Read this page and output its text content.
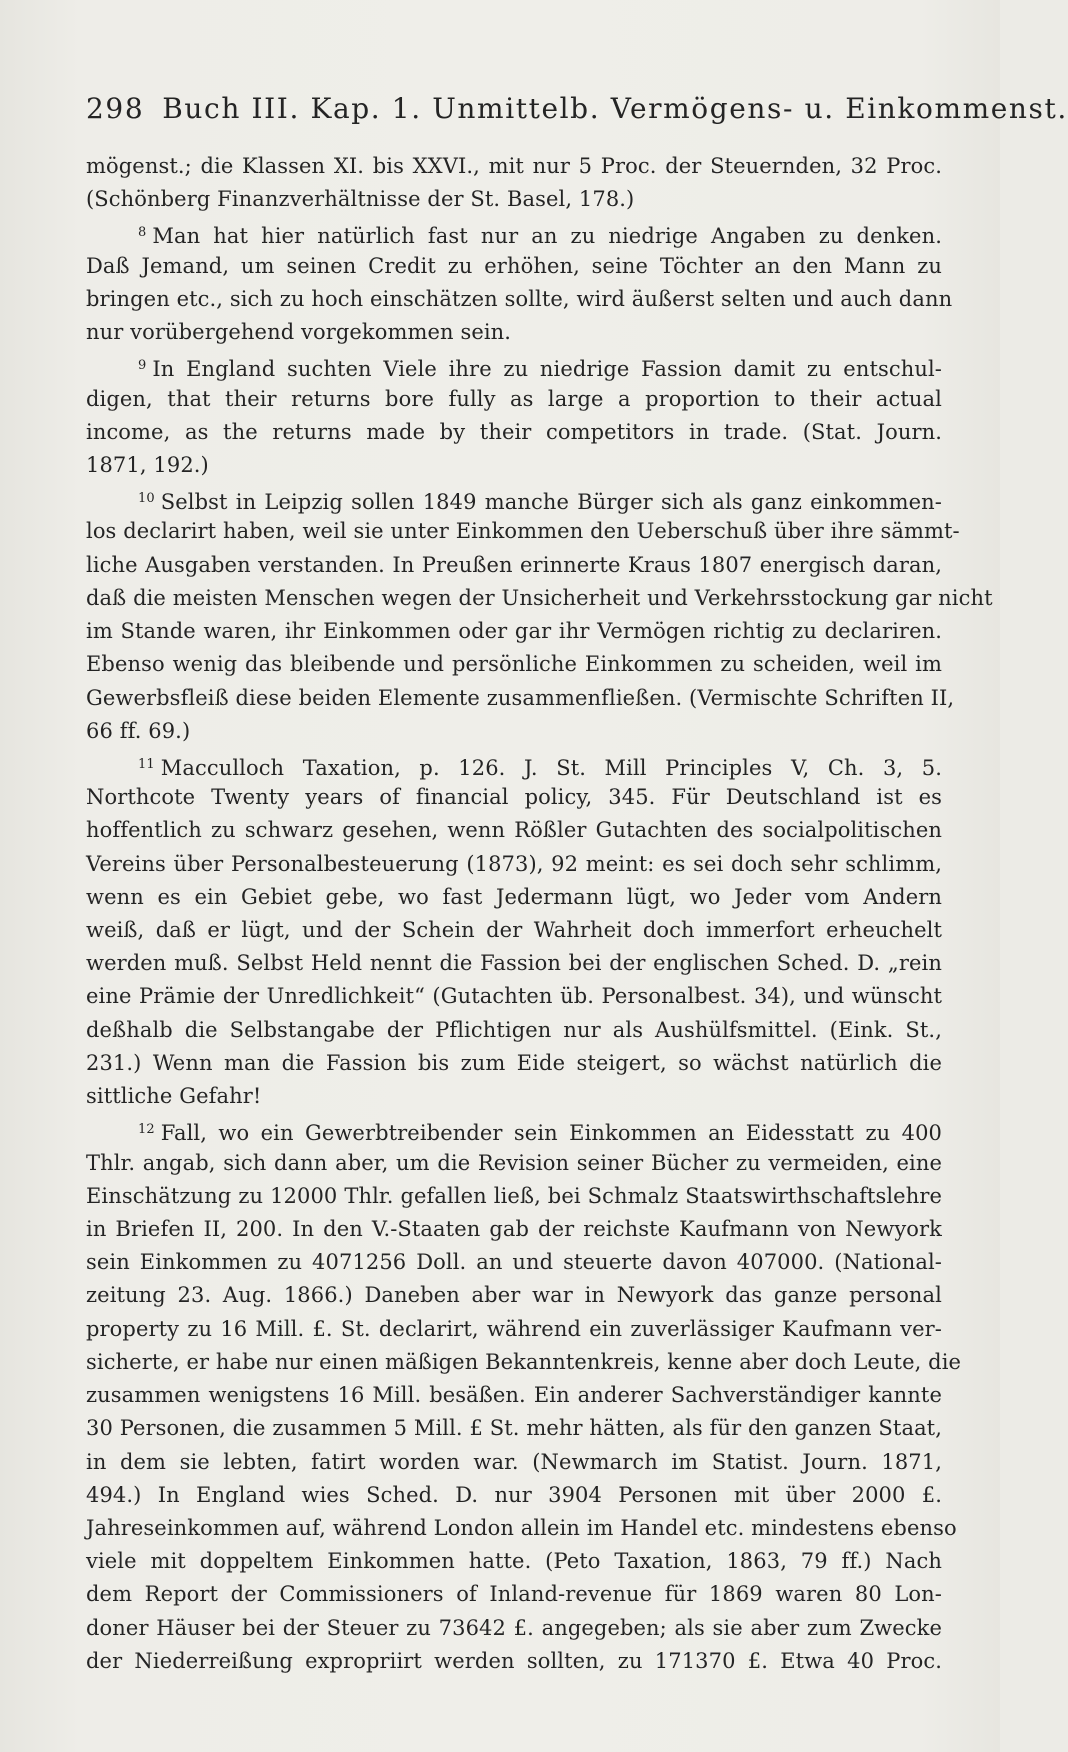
298 Buch III. Kap. 1. Unmittelb. Vermögens- u. Einkommenst.
mögenst.; die Klassen XI. bis XXVI., mit nur 5 Proc. der Steuernden, 32 Proc.
(Schönberg Finanzverhältnisse der St. Basel, 178.)
$^8$ Man hat hier natürlich fast nur an zu niedrige Angaben zu denken.
Daß Jemand, um seinen Credit zu erhöhen, seine Töchter an den Mann zu
bringen etc., sich zu hoch einschätzen sollte, wird äußerst selten und auch dann
nur vorübergehend vorgekommen sein.
$^9$ In England suchten Viele ihre zu niedrige Fassion damit zu entschul-
digen, that their returns bore fully as large a proportion to their actual
income, as the returns made by their competitors in trade. (Stat. Journ.
1871, 192.)
$^{10}$ Selbst in Leipzig sollen 1849 manche Bürger sich als ganz einkommen-
los declarirt haben, weil sie unter Einkommen den Ueberschuß über ihre sämmt-
liche Ausgaben verstanden. In Preußen erinnerte Kraus 1807 energisch daran,
daß die meisten Menschen wegen der Unsicherheit und Verkehrsstockung gar nicht
im Stande waren, ihr Einkommen oder gar ihr Vermögen richtig zu declariren.
Ebenso wenig das bleibende und persönliche Einkommen zu scheiden, weil im
Gewerbsfleiß diese beiden Elemente zusammenfließen. (Vermischte Schriften II,
66 ff. 69.)
$^{11}$ Macculloch Taxation, p. 126. J. St. Mill Principles V, Ch. 3, 5.
Northcote Twenty years of financial policy, 345. Für Deutschland ist es
hoffentlich zu schwarz gesehen, wenn Rößler Gutachten des socialpolitischen
Vereins über Personalbesteuerung (1873), 92 meint: es sei doch sehr schlimm,
wenn es ein Gebiet gebe, wo fast Jedermann lügt, wo Jeder vom Andern
weiß, daß er lügt, und der Schein der Wahrheit doch immerfort erheuchelt
werden muß. Selbst Held nennt die Fassion bei der englischen Sched. D. „rein
eine Prämie der Unredlichkeit“ (Gutachten üb. Personalbest. 34), und wünscht
deßhalb die Selbstangabe der Pflichtigen nur als Aushülfsmittel. (Eink. St.,
231.) Wenn man die Fassion bis zum Eide steigert, so wächst natürlich die
sittliche Gefahr!
$^{12}$ Fall, wo ein Gewerbtreibender sein Einkommen an Eidesstatt zu 400
Thlr. angab, sich dann aber, um die Revision seiner Bücher zu vermeiden, eine
Einschätzung zu 12000 Thlr. gefallen ließ, bei Schmalz Staatswirthschaftslehre
in Briefen II, 200. In den V.-Staaten gab der reichste Kaufmann von Newyork
sein Einkommen zu 4071256 Doll. an und steuerte davon 407000. (National-
zeitung 23. Aug. 1866.) Daneben aber war in Newyork das ganze personal
property zu 16 Mill. £. St. declarirt, während ein zuverlässiger Kaufmann ver-
sicherte, er habe nur einen mäßigen Bekanntenkreis, kenne aber doch Leute, die
zusammen wenigstens 16 Mill. besäßen. Ein anderer Sachverständiger kannte
30 Personen, die zusammen 5 Mill. £ St. mehr hätten, als für den ganzen Staat,
in dem sie lebten, fatirt worden war. (Newmarch im Statist. Journ. 1871,
494.) In England wies Sched. D. nur 3904 Personen mit über 2000 £.
Jahreseinkommen auf, während London allein im Handel etc. mindestens ebenso
viele mit doppeltem Einkommen hatte. (Peto Taxation, 1863, 79 ff.) Nach
dem Report der Commissioners of Inland-revenue für 1869 waren 80 Lon-
doner Häuser bei der Steuer zu 73642 £. angegeben; als sie aber zum Zwecke
der Niederreißung expropriirt werden sollten, zu 171370 £. Etwa 40 Proc.
